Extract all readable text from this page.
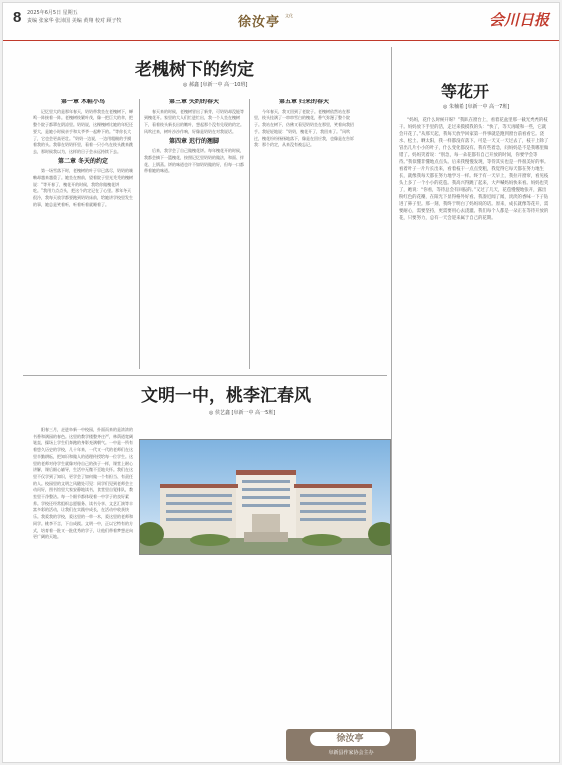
8 2025年6月5日 星期五
责编 张家华 张沛国 美编 黄翔 校对 顾子牧	徐汝亭 文化	会川日报
老槐树下的约定
◎ 郝鑫 [阜新一中 高一10班]
第一章 木鞋小鸟

记忆里大约是那年春天，奶奶带我坐在老槐树下，蝉鸣一阵接着一阵。老槐树枝繁叶茂，像一把巨大的伞，把整个院子都罩在阴凉里。奶奶说，这棵槐树比她的年纪还要大，是她小时候亲手和太爷爷一起种下的。“等你长大了，它也会更高更壮。”奶奶一边说，一边用粗糙的手摸着我的头。我靠在奶奶怀里，看着一只小鸟在枝头跳来跳去，那时候我以为，这样的日子会永远持续下去。

第二章 冬天的约定

第一场雪落下时，老槐树的叶子早已落尽，奶奶的咳嗽却越来越重了。她坐在窗前，望着院子里光秃秃的槐树说：“等开春了，槐花开的时候，我给你做槐花饼吃。”我用力点点头，把这个约定记在了心里。那年冬天很冷，我每天放学都要跑到奶奶床前，给她讲学校里发生的事，她总是笑着听，听着听着就睡着了。

第三章 失约的春天

春天来的时候，老槐树冒出了新芽，可奶奶却没能等到槐花开。家里的大人们忙进忙出，我一个人坐在槐树下，看着枝头新长出的嫩叶，想起那个没有兑现的约定。风吹过来，树叶沙沙作响，好像是奶奶在对我说话。

第四章 迟行的翘脚

后来，我学会了自己做槐花饼。每年槐花开的时候，我都会摘下一篮槐花，按照记忆里奶奶的做法，和面、拌花、上锅蒸。饼的味道也许不如奶奶做的好，但每一口都带着她的味道。

第五章 归来的春天

今年春天，我又回到了老院子。老槐树依然站在那里，枝头挂满了一串串雪白的槐花，香气弥漫了整个院子。我站在树下，仿佛又看见奶奶坐在那里，笑着向我招手。我轻轻地说：“奶奶，槐花开了，我回来了。”风吹过，槐花纷纷扬扬地落下，像是在回应我，也像是在告诉我：那个约定，从来没有被忘记。

等花开
◎ 朱楠希 [阜新一中 高一7班]

“妈妈，花什么时候开呀？”我趴在窗台上，看着花盆里那一截光秃秃的枝干。妈妈放下手里的活，走过来摸摸我的头：“快了，等天再暖和一些，它就会开花了。”从那天起，我每天放学回家第一件事就是跑到窗台前看看它。浇水、松土、晒太阳，我一样都没有落下。可是一天又一天过去了，枝干上除了冒出几片小小的叶子，什么变化都没有。我有些着急，问妈妈是不是我哪里做错了。妈妈笑着说：“别急，每一朵花都有自己开放的时间，你要学会等待。”我似懂非懂地点点头。后来我慢慢发现，等待其实也是一件很美好的事。看着叶子一片片长出来，看着枝干一点点变粗，我觉得它每天都在努力地生长，就像我每天都在努力地学习一样。终于有一天早上，我拉开窗帘，看见枝头上多了一个小小的花苞。我高兴得跳了起来，大声喊妈妈快来看。妈妈也笑了，她说：“你看，等待总会有回报的。”又过了几天，花苞慢慢地张开，露出粉红色的花瓣，在阳光下显得格外好看。我凑近闻了闻，淡淡的香味一下子钻进了鼻子里。那一刻，我终于明白了妈妈说的话。原来，成长就像等花开，需要耐心，需要坚持，更需要用心去浇灌。我们每个人都是一朵正在等待开放的花，只要努力，总有一天会迎来属于自己的花期。

文明一中，桃李汇春风
◎ 侯艺鑫 [阜新一中 高一5班]

阳春三月，走进阜新一中校园，扑面而来的是浓浓的书香和满园的春色。这里的教学楼整齐庄严，林荫道宽阔笔直，操场上学生们奔跑的身影充满朝气。一中是一所有着悠久历史的学校，几十年来，一代又一代的老师们在这里辛勤耕耘，把知识和做人的道理传授给每一位学生。这里的老师对待学生就像对待自己的孩子一样，课堂上耐心讲解，课后细心辅导，生活中无微不至地关怀。我们在这里不仅学到了知识，更学会了如何做一个有担当、有责任的人。校园里的文明之风随处可见：同学们见到老师会主动问好，图书馆里大家安静地读书，食堂里自觉排队，教室里干净整洁。每一个细节都体现着一中学子的良好素养。学校还经常组织志愿服务、读书分享、文艺汇演等丰富多彩的活动，让我们在实践中成长，在活动中收获快乐。我爱我的学校，爱这里的一草一木，爱这里的老师和同学。桃李不言，下自成蹊。文明一中，正以它特有的方式，培育着一批又一批优秀的学子，让他们带着梦想走向更广阔的天地。

徐汝亭
阜新县作家协会主办
